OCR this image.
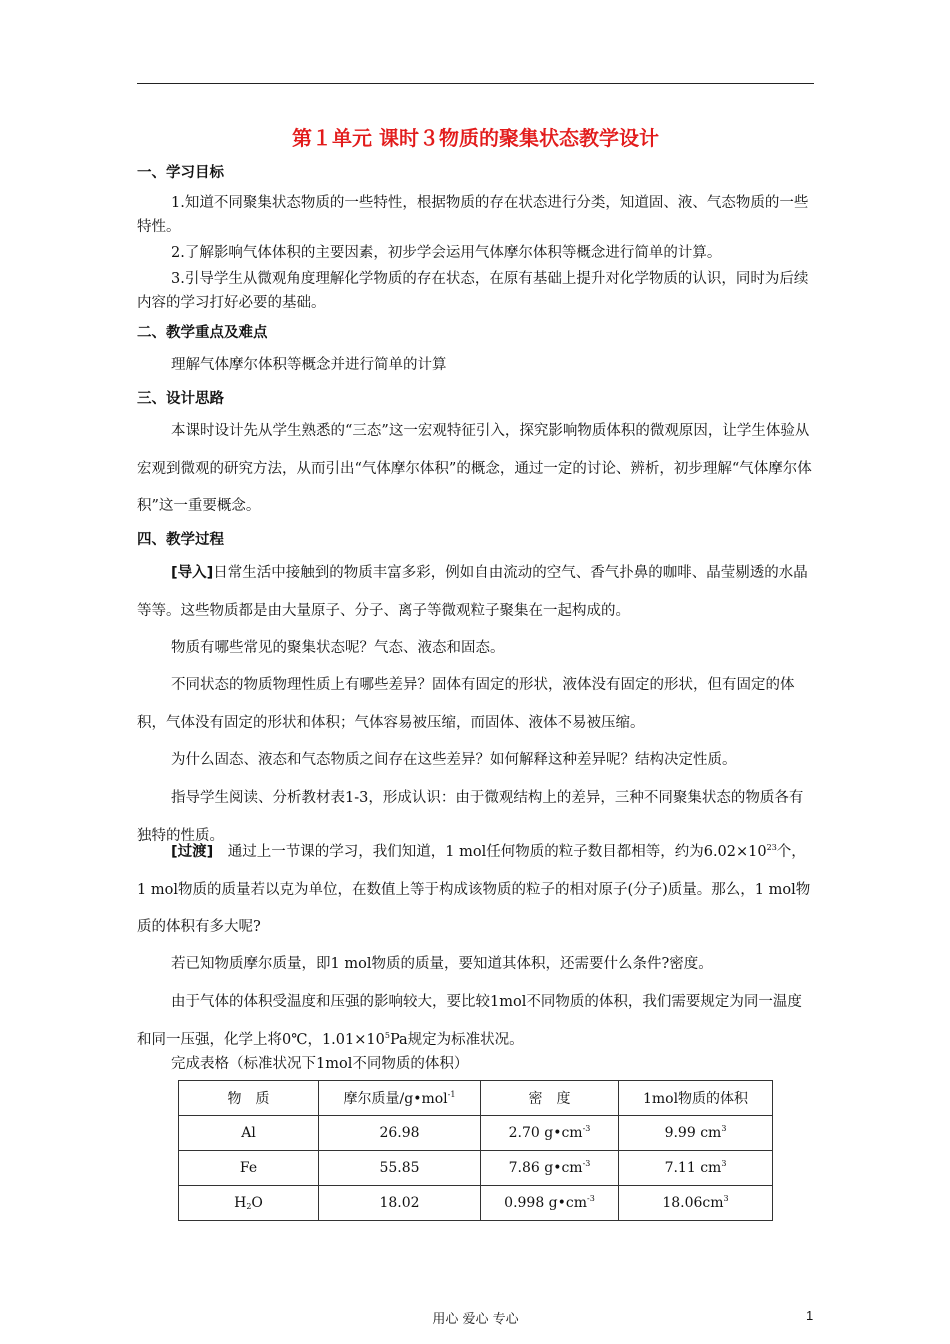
第１单元 课时３物质的聚集状态教学设计
一、学习目标
1.知道不同聚集状态物质的一些特性，根据物质的存在状态进行分类，知道固、液、气态物质的一些特性。
2.了解影响气体体积的主要因素，初步学会运用气体摩尔体积等概念进行简单的计算。
3.引导学生从微观角度理解化学物质的存在状态，在原有基础上提升对化学物质的认识，同时为后续内容的学习打好必要的基础。
二、教学重点及难点
理解气体摩尔体积等概念并进行简单的计算
三、设计思路
本课时设计先从学生熟悉的“三态”这一宏观特征引入，探究影响物质体积的微观原因，让学生体验从宏观到微观的研究方法，从而引出“气体摩尔体积”的概念，通过一定的讨论、辨析，初步理解“气体摩尔体积”这一重要概念。
四、教学过程
[导入]日常生活中接触到的物质丰富多彩，例如自由流动的空气、香气扑鼻的咖啡、晶莹剔透的水晶等等。这些物质都是由大量原子、分子、离子等微观粒子聚集在一起构成的。
物质有哪些常见的聚集状态呢？气态、液态和固态。
不同状态的物质物理性质上有哪些差异？固体有固定的形状，液体没有固定的形状，但有固定的体积，气体没有固定的形状和体积；气体容易被压缩，而固体、液体不易被压缩。
为什么固态、液态和气态物质之间存在这些差异？如何解释这种差异呢？结构决定性质。
指导学生阅读、分析教材表1-3，形成认识：由于微观结构上的差异，三种不同聚集状态的物质各有独特的性质。
[过渡]　通过上一节课的学习，我们知道，1 mol任何物质的粒子数目都相等，约为$6.02\times 10^{23}$个，1 mol物质的质量若以克为单位，在数值上等于构成该物质的粒子的相对原子(分子)质量。那么，1 mol物质的体积有多大呢?
若已知物质摩尔质量，即1 mol物质的质量，要知道其体积，还需要什么条件?密度。
由于气体的体积受温度和压强的影响较大，要比较1mol不同物质的体积，我们需要规定为同一温度和同一压强，化学上将0℃，$1.01\times 10^5Pa$规定为标准状况。
完成表格（标准状况下1mol不同物质的体积）
物　质	摩尔质量/g•mol$^{-1}$	密　度	1mol物质的体积
Al	26.98	2.70 $g•cm^{-3}$	9.99 $cm^3$
Fe	55.85	7.86 $g•cm^{-3}$	7.11 $cm^3$
$H_2O$	18.02	0.998 $g•cm^{-3}$	$18.06cm^3$
用心 爱心 专心	1
